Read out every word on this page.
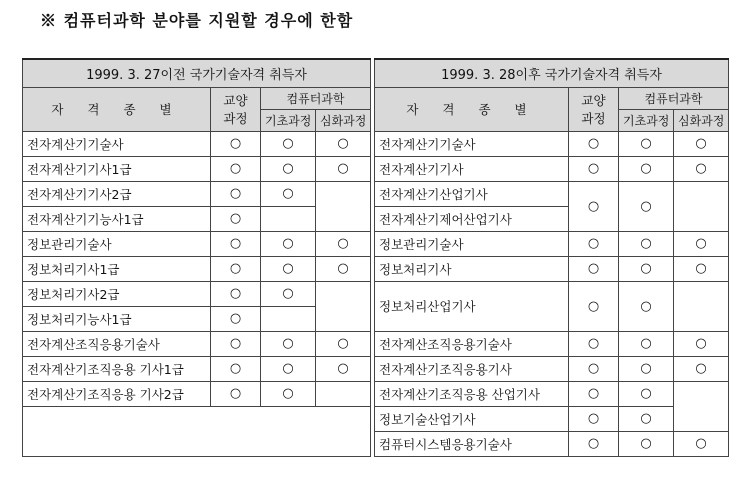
※ 컴퓨터과학 분야를 지원할 경우에 한함
1999. 3. 27이전 국가기술자격 취득자			
자 격 종 별	교양
과정	컴퓨터과학	
		기초과정	심화과정
전자계산기기술사	○	○	○
전자계산기기사1급	○	○	○
전자계산기기사2급	○	○	
전자계산기기능사1급	○		
정보관리기술사	○	○	○
정보처리기사1급	○	○	○
정보처리기사2급	○	○	
정보처리기능사1급	○		
전자계산조직응용기술사	○	○	○
전자계산기조직응용 기사1급	○	○	○
전자계산기조직응용 기사2급	○	○	

1999. 3. 28이후 국가기술자격 취득자			
자 격 종 별	교양
과정	컴퓨터과학	
		기초과정	심화과정
전자계산기기술사	○	○	○
전자계산기기사	○	○	○
전자계산기산업기사	○	○	
전자계산기제어산업기사			
정보관리기술사	○	○	○
정보처리기사	○	○	○
정보처리산업기사	○	○	
전자계산조직응용기술사	○	○	○
전자계산기조직응용기사	○	○	○
전자계산기조직응용 산업기사	○	○	
정보기술산업기사	○	○	
컴퓨터시스템응용기술사	○	○	○
